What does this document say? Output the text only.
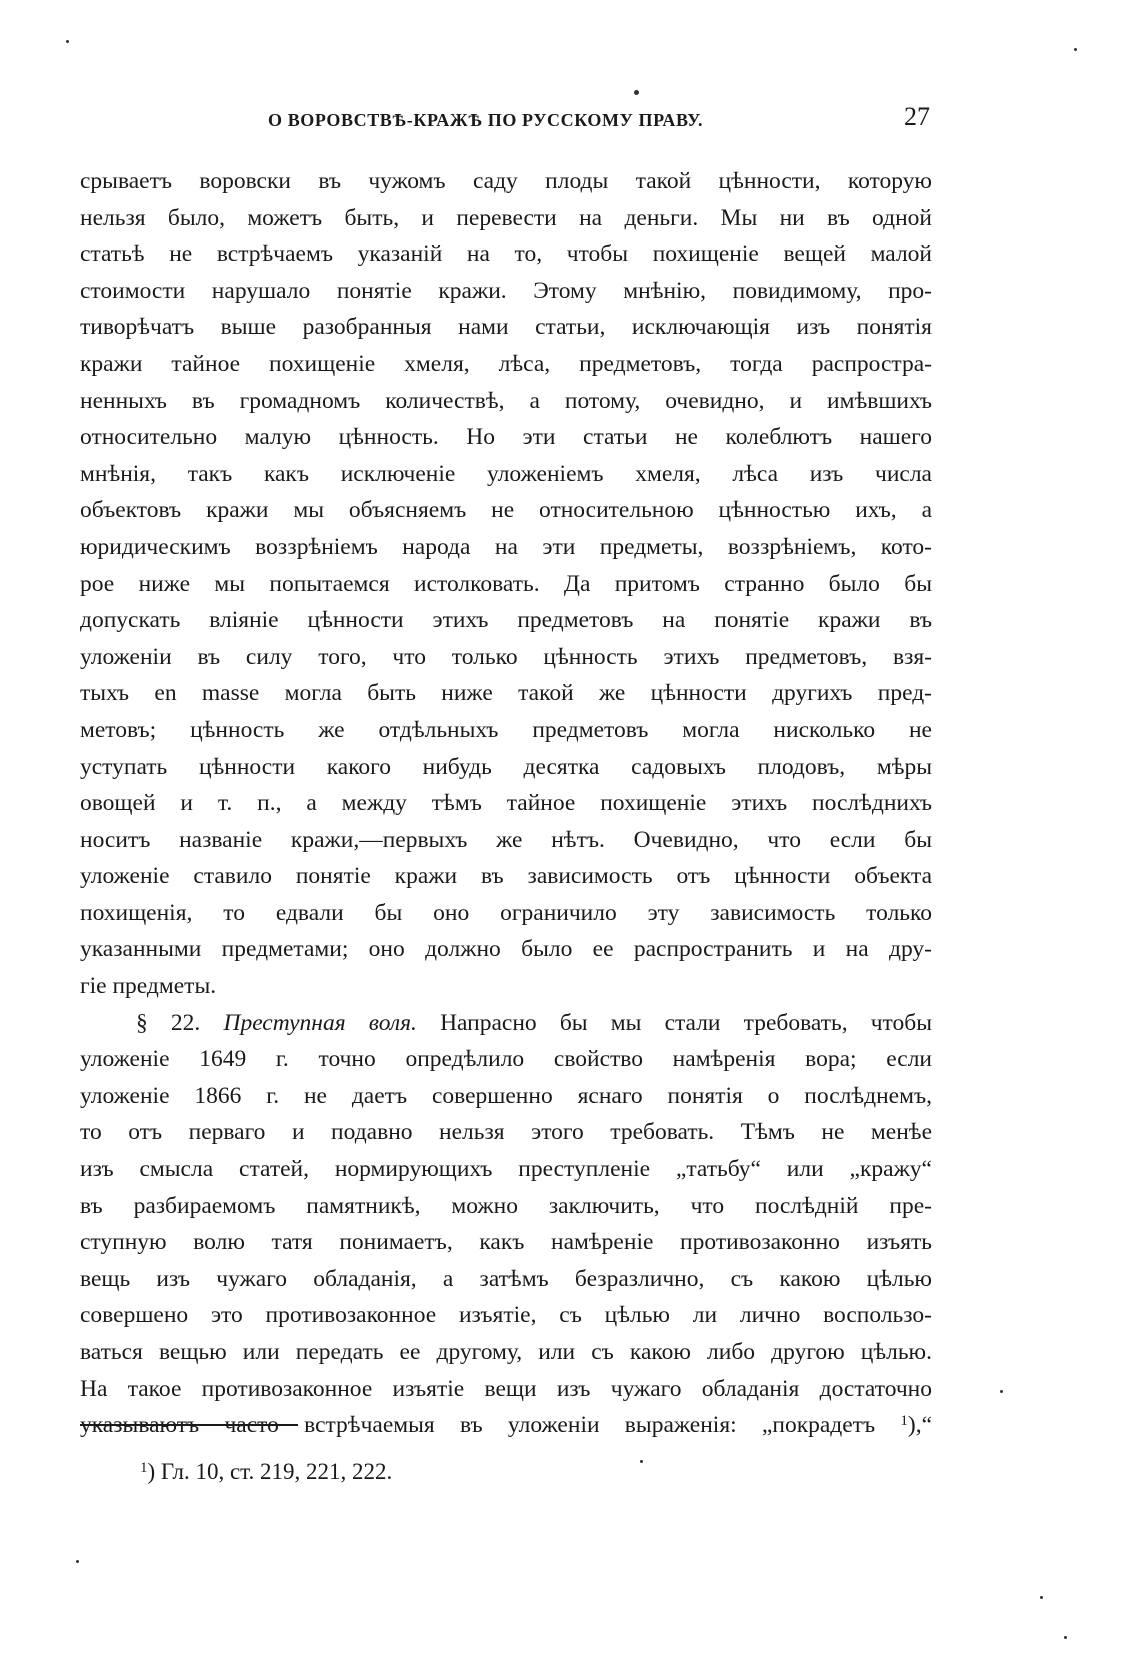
О ВОРОВСТВѢ-КРАЖѢ ПО РУССКОМУ ПРАВУ.	27
срываетъ воровски въ чужомъ саду плоды такой цѣнности, которую
нельзя было, можетъ быть, и перевести на деньги. Мы ни въ одной
статьѣ не встрѣчаемъ указаній на то, чтобы похищеніе вещей малой
стоимости нарушало понятіе кражи. Этому мнѣнію, повидимому, про-
тиворѣчатъ выше разобранныя нами статьи, исключающія изъ понятія
кражи тайное похищеніе хмеля, лѣса, предметовъ, тогда распростра-
ненныхъ въ громадномъ количествѣ, а потому, очевидно, и имѣвшихъ
относительно малую цѣнность. Но эти статьи не колеблютъ нашего
мнѣнія, такъ какъ исключеніе уложеніемъ хмеля, лѣса изъ числа
объектовъ кражи мы объясняемъ не относительною цѣнностью ихъ, а
юридическимъ воззрѣніемъ народа на эти предметы, воззрѣніемъ, кото-
рое ниже мы попытаемся истолковать. Да притомъ странно было бы
допускать вліяніе цѣнности этихъ предметовъ на понятіе кражи въ
уложеніи въ силу того, что только цѣнность этихъ предметовъ, взя-
тыхъ en masse могла быть ниже такой же цѣнности другихъ пред-
метовъ; цѣнность же отдѣльныхъ предметовъ могла нисколько не
уступать цѣнности какого нибудь десятка садовыхъ плодовъ, мѣры
овощей и т. п., а между тѣмъ тайное похищеніе этихъ послѣднихъ
носитъ названіе кражи,—первыхъ же нѣтъ. Очевидно, что если бы
уложеніе ставило понятіе кражи въ зависимость отъ цѣнности объекта
похищенія, то едвали бы оно ограничило эту зависимость только
указанными предметами; оно должно было ее распространить и на дру-
гіе предметы.
§ 22. Преступная воля. Напрасно бы мы стали требовать, чтобы
уложеніе 1649 г. точно опредѣлило свойство намѣренія вора; если
уложеніе 1866 г. не даетъ совершенно яснаго понятія о послѣднемъ,
то отъ перваго и подавно нельзя этого требовать. Тѣмъ не менѣе
изъ смысла статей, нормирующихъ преступленіе „татьбу“ или „кражу“
въ разбираемомъ памятникѣ, можно заключить, что послѣдній пре-
ступную волю татя понимаетъ, какъ намѣреніе противозаконно изъять
вещь изъ чужаго обладанія, а затѣмъ безразлично, съ какою цѣлью
совершено это противозаконное изъятіе, съ цѣлью ли лично воспользо-
ваться вещью или передать ее другому, или съ какою либо другою цѣлью.
На такое противозаконное изъятіе вещи изъ чужаго обладанія достаточно
указываютъ часто встрѣчаемыя въ уложеніи выраженія: „покрадетъ $^1$),“
$^1$) Гл. 10, ст. 219, 221, 222.
